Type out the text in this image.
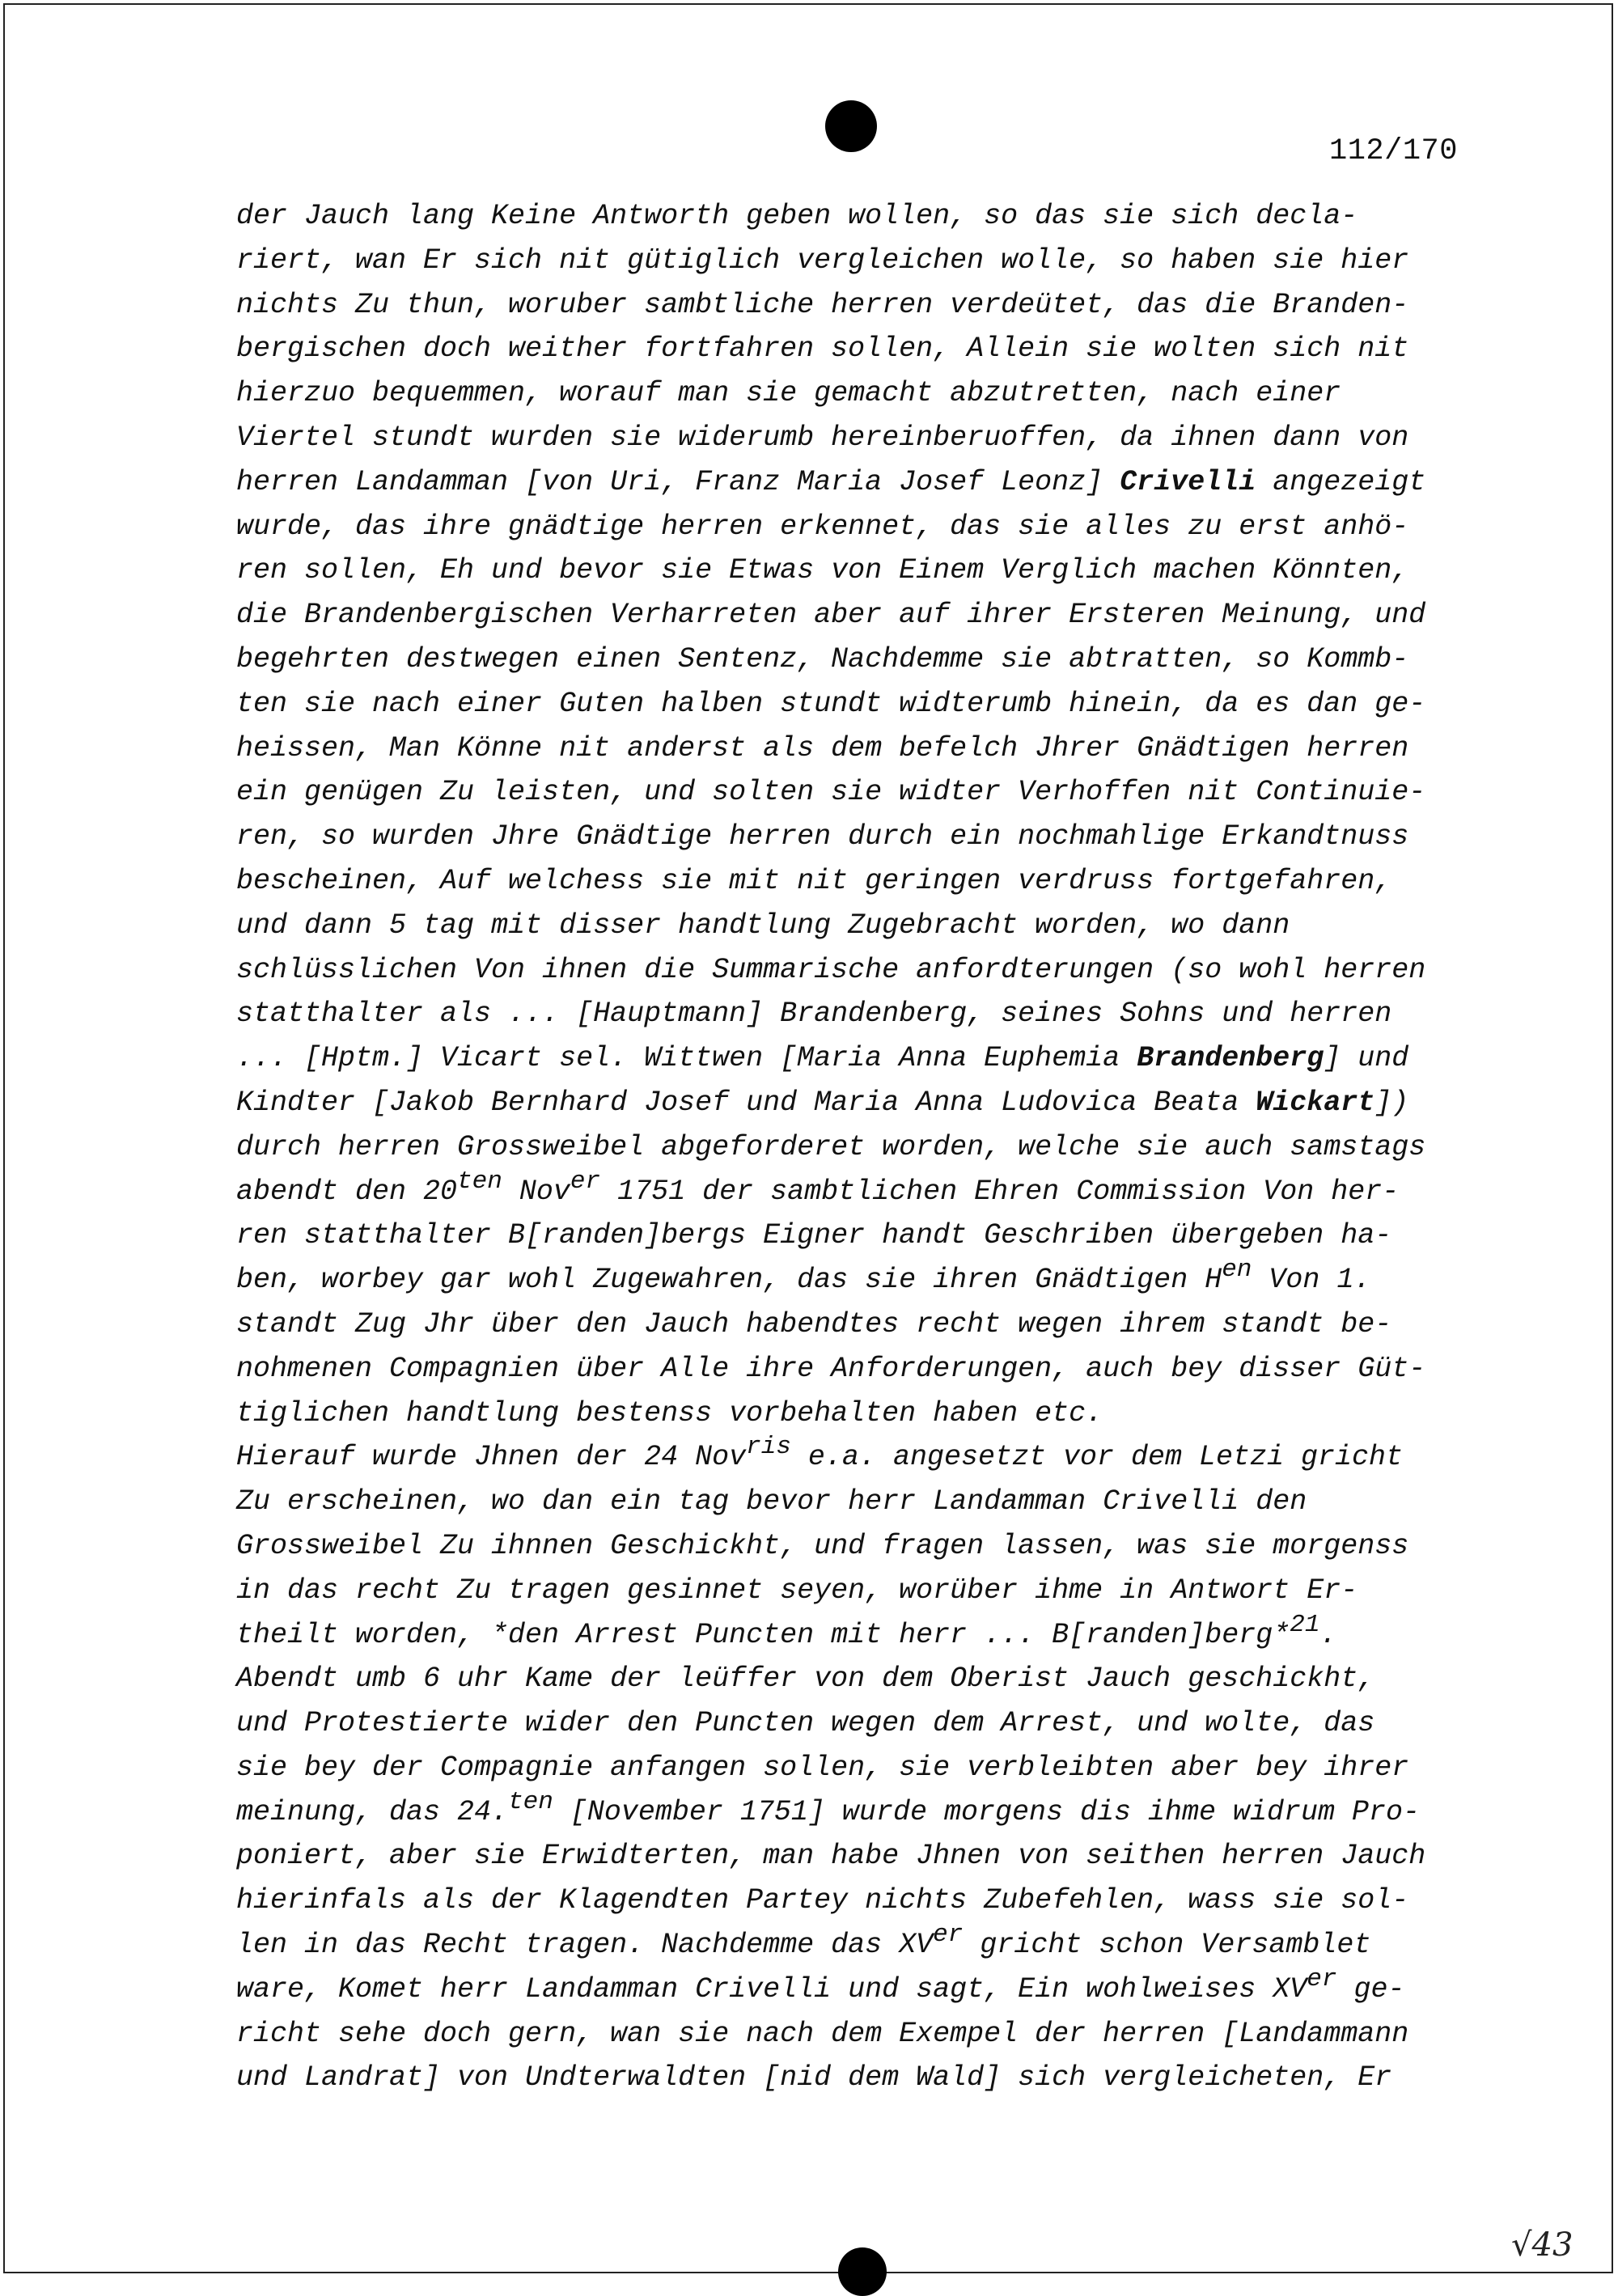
112/170
der Jauch lang Keine Antworth geben wollen, so das sie sich decla-
riert, wan Er sich nit gütiglich vergleichen wolle, so haben sie hier
nichts Zu thun, woruber sambtliche herren verdeütet, das die Branden-
bergischen doch weither fortfahren sollen, Allein sie wolten sich nit
hierzuo bequemmen, worauf man sie gemacht abzutretten, nach einer
Viertel stundt wurden sie widerumb hereinberuoffen, da ihnen dann von
herren Landamman [von Uri, Franz Maria Josef Leonz] Crivelli angezeigt
wurde, das ihre gnädtige herren erkennet, das sie alles zu erst anhö-
ren sollen, Eh und bevor sie Etwas von Einem Verglich machen Könnten,
die Brandenbergischen Verharreten aber auf ihrer Ersteren Meinung, und
begehrten destwegen einen Sentenz, Nachdemme sie abtratten, so Kommb-
ten sie nach einer Guten halben stundt widterumb hinein, da es dan ge-
heissen, Man Könne nit anderst als dem befelch Jhrer Gnädtigen herren
ein genügen Zu leisten, und solten sie widter Verhoffen nit Continuie-
ren, so wurden Jhre Gnädtige herren durch ein nochmahlige Erkandtnuss
bescheinen, Auf welchess sie mit nit geringen verdruss fortgefahren,
und dann 5 tag mit disser handtlung Zugebracht worden, wo dann
schlüsslichen Von ihnen die Summarische anfordterungen (so wohl herren
statthalter als ... [Hauptmann] Brandenberg, seines Sohns und herren
... [Hptm.] Vicart sel. Wittwen [Maria Anna Euphemia Brandenberg] und
Kindter [Jakob Bernhard Josef und Maria Anna Ludovica Beata Wickart])
durch herren Grossweibel abgeforderet worden, welche sie auch samstags
abendt den $20^{ten}$ Nov$^{er}$ 1751 der sambtlichen Ehren Commission Von her-
ren statthalter B[randen]bergs Eigner handt Geschriben übergeben ha-
ben, worbey gar wohl Zugewahren, das sie ihren Gnädtigen $H^{en}$ Von 1.
standt Zug Jhr über den Jauch habendtes recht wegen ihrem standt be-
nohmenen Compagnien über Alle ihre Anforderungen, auch bey disser Güt-
tiglichen handtlung bestenss vorbehalten haben etc.
Hierauf wurde Jhnen der 24 Nov$^{ris}$ e.a. angesetzt vor dem Letzi gricht
Zu erscheinen, wo dan ein tag bevor herr Landamman Crivelli den
Grossweibel Zu ihnnen Geschickht, und fragen lassen, was sie morgenss
in das recht Zu tragen gesinnet seyen, worüber ihme in Antwort Er-
theilt worden, *den Arrest Puncten mit herr ... B[randen]berg*$^{21}$.
Abendt umb 6 uhr Kame der leüffer von dem Oberist Jauch geschickht,
und Protestierte wider den Puncten wegen dem Arrest, und wolte, das
sie bey der Compagnie anfangen sollen, sie verbleibten aber bey ihrer
meinung, das 24.$^{ten}$ [November 1751] wurde morgens dis ihme widrum Pro-
poniert, aber sie Erwidterten, man habe Jhnen von seithen herren Jauch
hierinfals als der Klagendten Partey nichts Zubefehlen, wass sie sol-
len in das Recht tragen. Nachdemme das XVer gricht schon Versamblet
ware, Komet herr Landamman Crivelli und sagt, Ein wohlweises XVer ge-
richt sehe doch gern, wan sie nach dem Exempel der herren [Landammann
und Landrat] von Undterwaldten [nid dem Wald] sich vergleicheten, Er
√43
